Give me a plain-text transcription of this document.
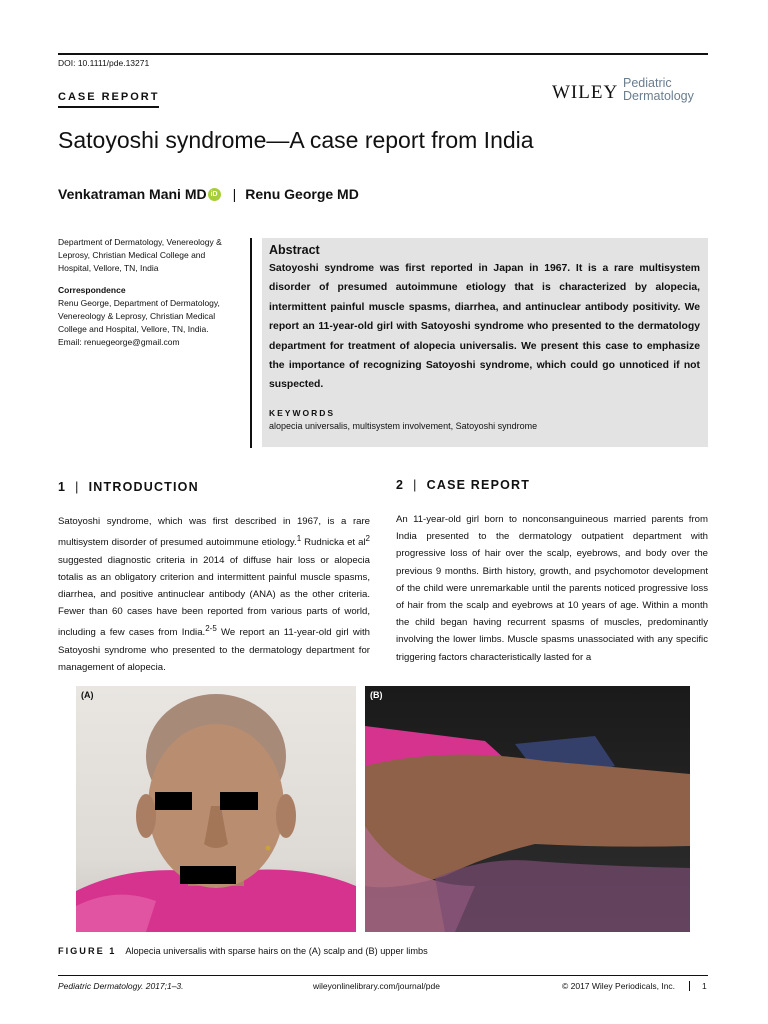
DOI: 10.1111/pde.13271
CASE REPORT	WILEY Pediatric
Dermatology
Satoyoshi syndrome—A case report from India
Venkatraman Mani MD iD | Renu George MD
Department of Dermatology, Venereology & Leprosy, Christian Medical College and Hospital, Vellore, TN, India
Correspondence
Renu George, Department of Dermatology, Venereology & Leprosy, Christian Medical College and Hospital, Vellore, TN, India.
Email: renuegeorge@gmail.com
Abstract
Satoyoshi syndrome was first reported in Japan in 1967. It is a rare multisystem disorder of presumed autoimmune etiology that is characterized by alopecia, intermittent painful muscle spasms, diarrhea, and antinuclear antibody positivity. We report an 11-year-old girl with Satoyoshi syndrome who presented to the dermatology department for treatment of alopecia universalis. We present this case to emphasize the importance of recognizing Satoyoshi syndrome, which could go unnoticed if not suspected.
KEYWORDS
alopecia universalis, multisystem involvement, Satoyoshi syndrome
1 | INTRODUCTION
Satoyoshi syndrome, which was first described in 1967, is a rare multisystem disorder of presumed autoimmune etiology.$^1$ Rudnicka et $al^2$ suggested diagnostic criteria in 2014 of diffuse hair loss or alopecia totalis as an obligatory criterion and intermittent painful muscle spasms, diarrhea, and positive antinuclear antibody (ANA) as the other criteria. Fewer than 60 cases have been reported from various parts of world, including a few cases from India.$^{2-5}$ We report an 11-year-old girl with Satoyoshi syndrome who presented to the dermatology department for management of alopecia.
2 | CASE REPORT
An 11-year-old girl born to nonconsanguineous married parents from India presented to the dermatology outpatient department with progressive loss of hair over the scalp, eyebrows, and body over the previous 9 months. Birth history, growth, and psychomotor development of the child were unremarkable until the parents noticed progressive loss of hair from the scalp and eyebrows at 10 years of age. Within a month the child began having recurrent spasms of muscles, predominantly involving the lower limbs. Muscle spasms unassociated with any specific triggering factors characteristically lasted for a
(A)	(B)
FIGURE 1 Alopecia universalis with sparse hairs on the (A) scalp and (B) upper limbs
Pediatric Dermatology. 2017;1–3.	wileyonlinelibrary.com/journal/pde	© 2017 Wiley Periodicals, Inc.	1
